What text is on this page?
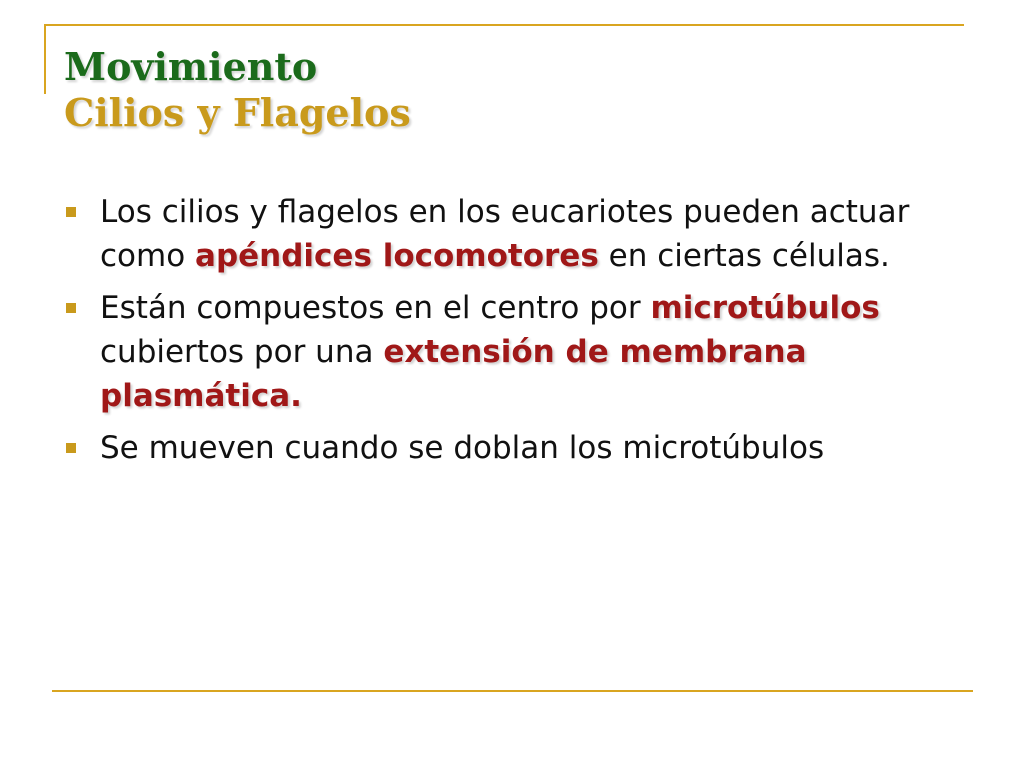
Movimiento
Cilios y Flagelos
Los cilios y flagelos en los eucariotes pueden actuar como apéndices locomotores en ciertas células.
Están compuestos en el centro por microtúbulos cubiertos por una extensión de membrana plasmática.
Se mueven cuando se doblan los microtúbulos
